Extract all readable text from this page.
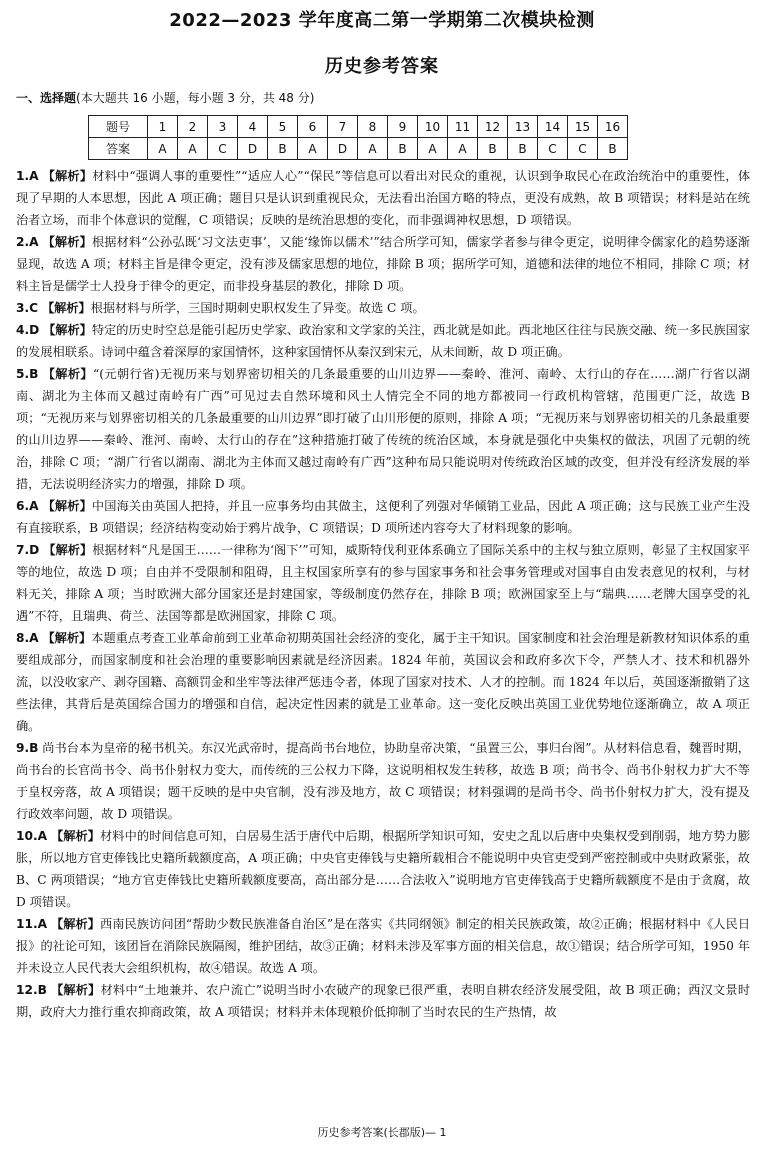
2022—2023 学年度高二第一学期第二次模块检测
历史参考答案
一、选择题(本大题共 16 小题，每小题 3 分，共 48 分)
题号	1	2	3	4	5	6	7	8	9	10	11	12	13	14	15	16
答案	A	A	C	D	B	A	D	A	B	A	A	B	B	C	C	B

1.A 【解析】材料中“强调人事的重要性”“适应人心”“保民”等信息可以看出对民众的重视，认识到争取民心在政治统治中的重要性，体现了早期的人本思想，因此 A 项正确；题目只是认识到重视民众，无法看出治国方略的特点，更没有成熟，故 B 项错误；材料是站在统治者立场，而非个体意识的觉醒，C 项错误；反映的是统治思想的变化，而非强调神权思想，D 项错误。

2.A 【解析】根据材料“公孙弘既‘习文法吏事’，又能‘缘饰以儒术’”结合所学可知，儒家学者参与律令更定，说明律令儒家化的趋势逐渐显现，故选 A 项；材料主旨是律令更定，没有涉及儒家思想的地位，排除 B 项；据所学可知，道德和法律的地位不相同，排除 C 项；材料主旨是儒学士人投身于律令的更定，而非投身基层的教化，排除 D 项。

3.C 【解析】根据材料与所学，三国时期刺史职权发生了异变。故选 C 项。

4.D 【解析】特定的历史时空总是能引起历史学家、政治家和文学家的关注，西北就是如此。西北地区往往与民族交融、统一多民族国家的发展相联系。诗词中蕴含着深厚的家国情怀，这种家国情怀从秦汉到宋元，从未间断，故 D 项正确。

5.B 【解析】“(元朝行省)无视历来与划界密切相关的几条最重要的山川边界——秦岭、淮河、南岭、太行山的存在……湖广行省以湖南、湖北为主体而又越过南岭有广西”可见过去自然环境和风土人情完全不同的地方都被同一行政机构管辖，范围更广泛，故选 B 项；“无视历来与划界密切相关的几条最重要的山川边界”即打破了山川形便的原则，排除 A 项；“无视历来与划界密切相关的几条最重要的山川边界——秦岭、淮河、南岭、太行山的存在”这种措施打破了传统的统治区域，本身就是强化中央集权的做法，巩固了元朝的统治，排除 C 项；“湖广行省以湖南、湖北为主体而又越过南岭有广西”这种布局只能说明对传统政治区域的改变，但并没有经济发展的举措，无法说明经济实力的增强，排除 D 项。

6.A 【解析】中国海关由英国人把持，并且一应事务均由其做主，这便利了列强对华倾销工业品，因此 A 项正确；这与民族工业产生没有直接联系，B 项错误；经济结构变动始于鸦片战争，C 项错误；D 项所述内容夸大了材料现象的影响。

7.D 【解析】根据材料“凡是国王……一律称为‘阁下’”可知，威斯特伐利亚体系确立了国际关系中的主权与独立原则，彰显了主权国家平等的地位，故选 D 项；自由并不受限制和阻碍，且主权国家所享有的参与国家事务和社会事务管理或对国事自由发表意见的权利，与材料无关，排除 A 项；当时欧洲大部分国家还是封建国家，等级制度仍然存在，排除 B 项；欧洲国家至上与“瑞典……老牌大国享受的礼遇”不符，且瑞典、荷兰、法国等都是欧洲国家，排除 C 项。

8.A 【解析】本题重点考查工业革命前到工业革命初期英国社会经济的变化，属于主干知识。国家制度和社会治理是新教材知识体系的重要组成部分，而国家制度和社会治理的重要影响因素就是经济因素。1824 年前，英国议会和政府多次下令，严禁人才、技术和机器外流，以没收家产、剥夺国籍、高额罚金和坐牢等法律严惩违令者，体现了国家对技术、人才的控制。而 1824 年以后，英国逐渐撤销了这些法律，其背后是英国综合国力的增强和自信，起决定性因素的就是工业革命。这一变化反映出英国工业优势地位逐渐确立，故 A 项正确。

9.B 尚书台本为皇帝的秘书机关。东汉光武帝时，提高尚书台地位，协助皇帝决策，“虽置三公，事归台阁”。从材料信息看，魏晋时期，尚书台的长官尚书令、尚书仆射权力变大，而传统的三公权力下降，这说明相权发生转移，故选 B 项；尚书令、尚书仆射权力扩大不等于皇权旁落，故 A 项错误；题干反映的是中央官制，没有涉及地方，故 C 项错误；材料强调的是尚书令、尚书仆射权力扩大，没有提及行政效率问题，故 D 项错误。

10.A 【解析】材料中的时间信息可知，白居易生活于唐代中后期，根据所学知识可知，安史之乱以后唐中央集权受到削弱，地方势力膨胀，所以地方官吏俸钱比史籍所载额度高，A 项正确；中央官吏俸钱与史籍所载相合不能说明中央官吏受到严密控制或中央财政紧张，故 B、C 两项错误；“地方官吏俸钱比史籍所载额度要高，高出部分是……合法收入”说明地方官吏俸钱高于史籍所载额度不是由于贪腐，故 D 项错误。

11.A 【解析】西南民族访问团“帮助少数民族准备自治区”是在落实《共同纲领》制定的相关民族政策，故②正确；根据材料中《人民日报》的社论可知，该团旨在消除民族隔阂，维护团结，故③正确；材料未涉及军事方面的相关信息，故①错误；结合所学可知，1950 年并未设立人民代表大会组织机构，故④错误。故选 A 项。

12.B 【解析】材料中“土地兼并、农户流亡”说明当时小农破产的现象已很严重，表明自耕农经济发展受阻，故 B 项正确；西汉文景时期，政府大力推行重农抑商政策，故 A 项错误；材料并未体现粮价低抑制了当时农民的生产热情，故

历史参考答案(长郡版)— 1
